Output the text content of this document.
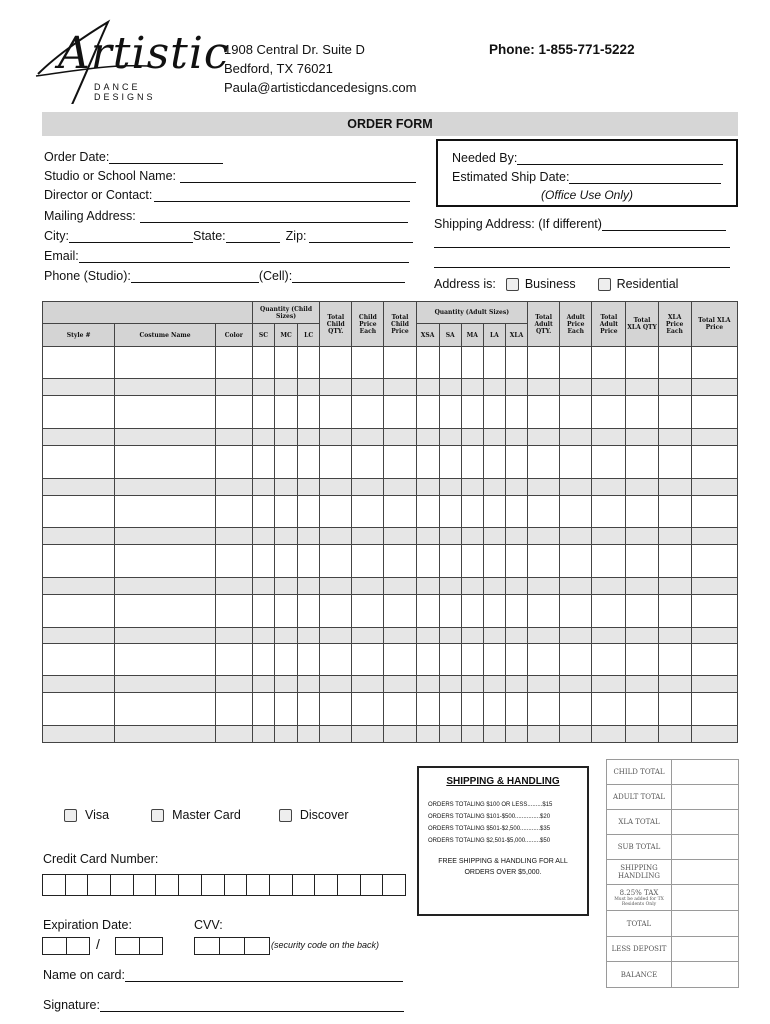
Artistic
DANCE DESIGNS
1908 Central Dr. Suite D
Bedford, TX 76021
Paula@artisticdancedesigns.com
Phone: 1-855-771-5222
ORDER FORM
Order Date:
Studio or School Name:
Director or Contact:
Mailing Address:
City:	State:	Zip:
Email:
Phone (Studio):	(Cell):
Needed By:
Estimated Ship Date:
(Office Use Only)
Shipping Address: (If different)
Address is: Business	Residential
			Quantity (Child Sizes)			Total Child QTY.	Child Price Each	Total Child Price	Quantity (Adult Sizes)					Total Adult QTY.	Adult Price Each	Total Adult Price	Total XLA QTY	XLA Price Each	Total XLA Price
Style #	Costume Name	Color	SC	MC	LC				XSA	SA	MA	LA	XLA						

Visa	Master Card	Discover
Credit Card Number:
Expiration Date:	CVV:
/	(security code on the back)
Name on card:
Signature:
SHIPPING & HANDLING
ORDERS TOTALING $100 OR LESS.........$15
ORDERS TOTALING $101-$500...............$20
ORDERS TOTALING $501-$2,500............$35
ORDERS TOTALING $2,501-$5,000.........$50
FREE SHIPPING & HANDLING FOR ALL ORDERS OVER $5,000.
CHILD TOTAL	
ADULT TOTAL	
XLA TOTAL	
SUB TOTAL	
SHIPPING HANDLING	

8.25% TAX
Must be added for TX Residents Only	

TOTAL	
LESS DEPOSIT	
BALANCE	
